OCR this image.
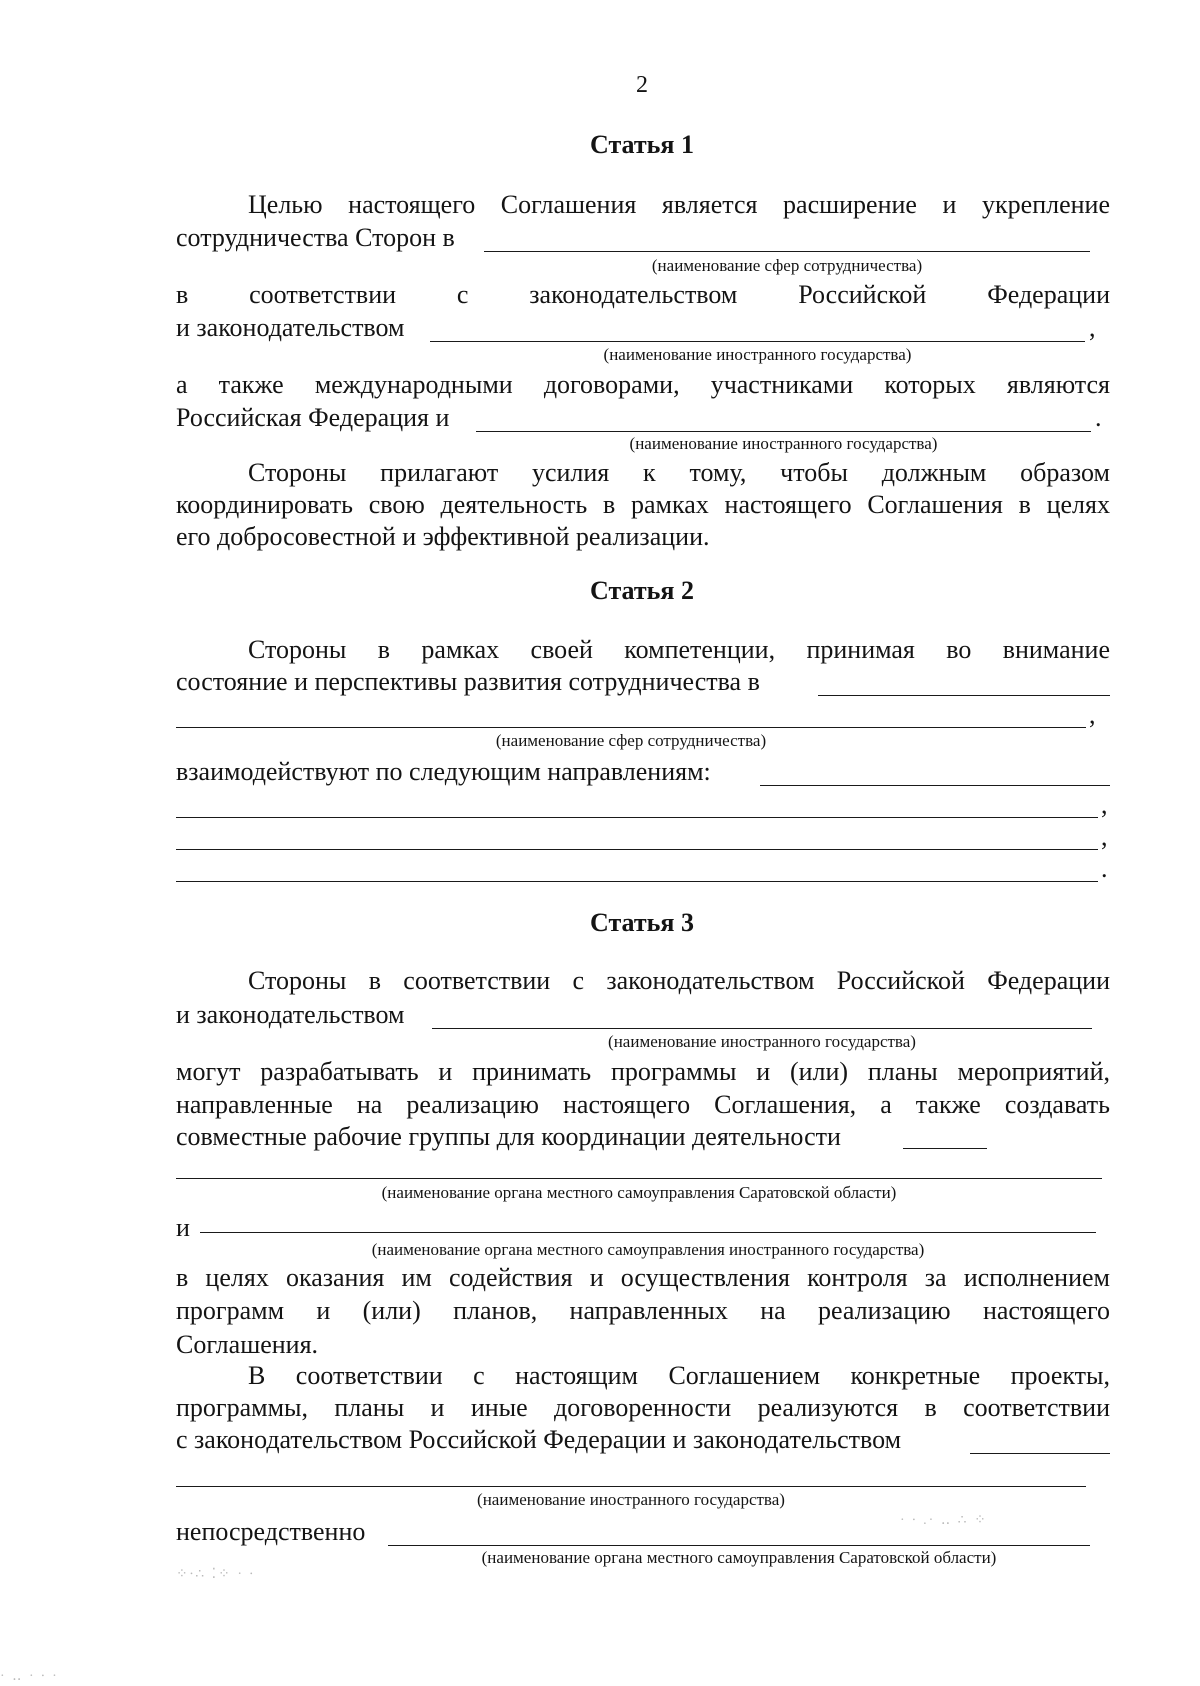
2
Статья 1
Целью настоящего Соглашения является расширение и укрепление
сотрудничества Сторон в
(наименование сфер сотрудничества)
в соответствии с законодательством Российской Федерации
и законодательством	,
(наименование иностранного государства)
а также международными договорами, участниками которых являются
Российская Федерация и	.
(наименование иностранного государства)
Стороны прилагают усилия к тому, чтобы должным образом
координировать свою деятельность в рамках настоящего Соглашения в целях
его добросовестной и эффективной реализации.
Статья 2
Стороны в рамках своей компетенции, принимая во внимание
состояние и перспективы развития сотрудничества в
,
(наименование сфер сотрудничества)
взаимодействуют по следующим направлениям:
,
,
.
Статья 3
Стороны в соответствии с законодательством Российской Федерации
и законодательством
(наименование иностранного государства)
могут разрабатывать и принимать программы и (или) планы мероприятий,
направленные на реализацию настоящего Соглашения, а также создавать
совместные рабочие группы для координации деятельности
(наименование органа местного самоуправления Саратовской области)
и
(наименование органа местного самоуправления иностранного государства)
в целях оказания им содействия и осуществления контроля за исполнением
программ и (или) планов, направленных на реализацию настоящего
Соглашения.
В соответствии с настоящим Соглашением конкретные проекты,
программы, планы и иные договоренности реализуются в соответствии
с законодательством Российской Федерации и законодательством
(наименование иностранного государства)
непосредственно
(наименование органа местного самоуправления Саратовской области)
· ∙ .· ‥ ∴ ⁘
⁘∙∴ ⁚⁘ · ∙
· ‥ · ∙ ·
